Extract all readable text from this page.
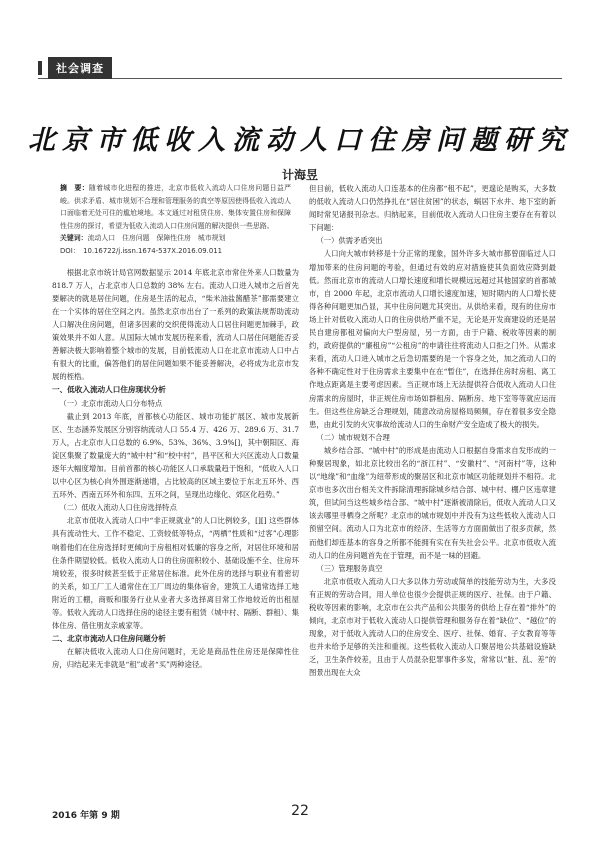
社会调查
北京市低收入流动人口住房问题研究
计海昱
摘　要：随着城市化进程的推进，北京市低收入流动人口住房问题日益严峻。供求矛盾、城市规划不合理和管理服务的真空等原因使得低收入流动人口面临着无处可住的尴尬境地。本文通过对租赁住房、集体安置住房和保障性住房的探讨，希望为低收入流动人口住房问题的解决提供一些思路。
关键词：流动人口　住房问题　保障性住房　城市规划
DOI：　10.16722/j.issn.1674-537X.2016.09.011

根据北京市统计局官网数据显示 2014 年底北京市常住外来人口数量为 818.7 万人，占北京市人口总数的 38% 左右。流动人口进入城市之后首先要解决的就是居住问题，住房是生活的起点，“柴米油盐酱醋茶”都需要建立在一个实体的居住空间之内。虽然北京市出台了一系列的政策法规帮助流动人口解决住房问题，但诸多因素的交织使得流动人口居住问题更加棘手，政策效果并不如人意。从国际大城市发展历程来看，流动人口居住问题能否妥善解决极大影响着整个城市的发展，目前低流动人口在北京市流动人口中占有很大的比重，偏答他们的居住问题如果不能妥善解决，必将成为北京市发展的桎梏。

一、低收入流动人口住房现状分析
（一）北京市流动人口分布特点

截止到 2013 年底，首都核心功能区、城市功能扩展区、城市发展新区、生态涵养发展区分别容纳流动人口 55.4 万、426 万、289.6 万、31.7 万人，占北京市人口总数的 6.9%、53%、36%、3.9%[]，其中朝阳区、海淀区集聚了数量庞大的“城中村”和“校中村”，昌平区和大兴区流动人口数量逐年大幅度增加。目前首都的核心功能区人口承载量趋于饱和，“低收入人口以中心区为核心向外围逐渐递增，占比较高的区域主要位于东北五环外、西五环外、西南五环外和东四、五环之间，呈现出边缘化、郊区化趋势。”

（二）低收入流动人口住房选择特点

北京市低收入流动人口中“非正规就业”的人口比例较多，[][] 这些群体具有流动性大、工作不稳定、工资较低等特点，“两栖”性质和“过客”心理影响着他们在住房选择时更倾向于房租相对低廉的容身之所，对居住环境和居住条件期望较低。低收入流动人口的住房面积较小、基础设施不全、住房环境较差，很多时候甚至低于正常居住标准。此外住房的选择与职业有着密切的关系，如工厂工人通常住在工厂周边的集体宿舍，建筑工人通常选择工地附近的工棚，商贩和服务行业从业者大多选择离目常工作地较近的出租屋等。低收入流动人口选择住房的途径主要有租赁（城中村、隔断、群租）、集体住房、借住朋友亲戚家等。

二、北京市流动人口住房问题分析

在解决低收入流动人口住房问题时，无论是商品性住房还是保障性住房，归结起来无非就是“租”或者“买”两种途径。

但目前，低收入流动人口连基本的住房都“租不起”，更遑论是购买，大多数的低收入流动人口仍然挣扎在“居住贫困”的状态，蜗居下水井、地下室的新闻时常见诸报刊杂志。归纳起来，目前低收入流动人口住房主要存在有着以下问题：

（一）供需矛盾突出

人口向大城市转移是十分正常的现象，国外许多大城市都曾面临过人口增加带来的住房问题的考验，但通过有效的应对措施使其负面效应降到最低。然而北京市的流动人口增长速度和增长规模远远超过其他国家的首都城市，自 2000 年起，北京市流动人口增长速度加速，短时期内的人口增长使得各种问题更加凸显，其中住房问题尤其突出。从供给来看，现有的住房市场上针对低收入流动人口的住房供给严重不足，无论是开发商建设的还是居民自建房都租对偏向大户型房屋，另一方面，由于户籍、税收等因素的制约，政府提供的“廉租房”“公租房”的申请往往将流动人口拒之门外。从需求来看，流动人口进入城市之后急切需要的是一个容身之处，加之流动人口的各种不确定性对于住房需求主要集中在在“暂住”，在选择住房时房租、离工作地点距离是主要考虑因素。当正规市场上无法提供符合低收入流动人口住房需求的房屋时，非正规住房市场如群租房、隔断房、地下室等等就应运而生。但这些住房缺乏合理规划，随意改动房屋格局频频，存在着很多安全隐患，由此引发的火灾事故给流动人口的生命财产安全造成了极大的损失。

（二）城市规划不合理

城乡结合部、“城中村”的形成是由流动人口根据自身需求自发形成的一种聚居现象，如北京比较出名的“浙江村”、“安徽村”、“河南村”等，这种以“地缘”和“血缘”为纽带形成的聚居区和北京市城区功能规划并不相符。北京市也多次出台相关文件拆除清理拆除城乡结合部、城中村、棚户区违章建筑，但试问当这些城乡结合部、“城中村”逐渐被清除后，低收入流动人口又该去哪里寻栖身之所呢？北京市的城市规划中并没有为这些低收入流动人口预留空间。流动人口为北京市的经济、生活等方方面面做出了很多贡献，然而他们却连基本的容身之所都不能拥有实在有失社会公平。北京市低收入流动人口的住房问题首先在于管理，而不是一味的回避。

（三）管理服务真空

北京市低收入流动人口大多以体力劳动或简单的技能劳动为生，大多没有正规的劳动合同，用人单位也很少会提供正规的医疗、社保。由于户籍、税收等因素的影响，北京市在公共产品和公共服务的供给上存在着“排外”的倾向，北京市对于低收入流动人口提供管理和服务存在着“缺位”、“越位”的现象，对于低收入流动人口的住房安全、医疗、社保、婚育、子女教育等等也并未给予足够的关注和重视。这些低收入流动人口聚居地公共基础设施缺乏，卫生条件较差，且由于人员混杂犯罪事件多发，常常以“脏、乱、差”的图景出现在大众

2016 年第 9 期	22
